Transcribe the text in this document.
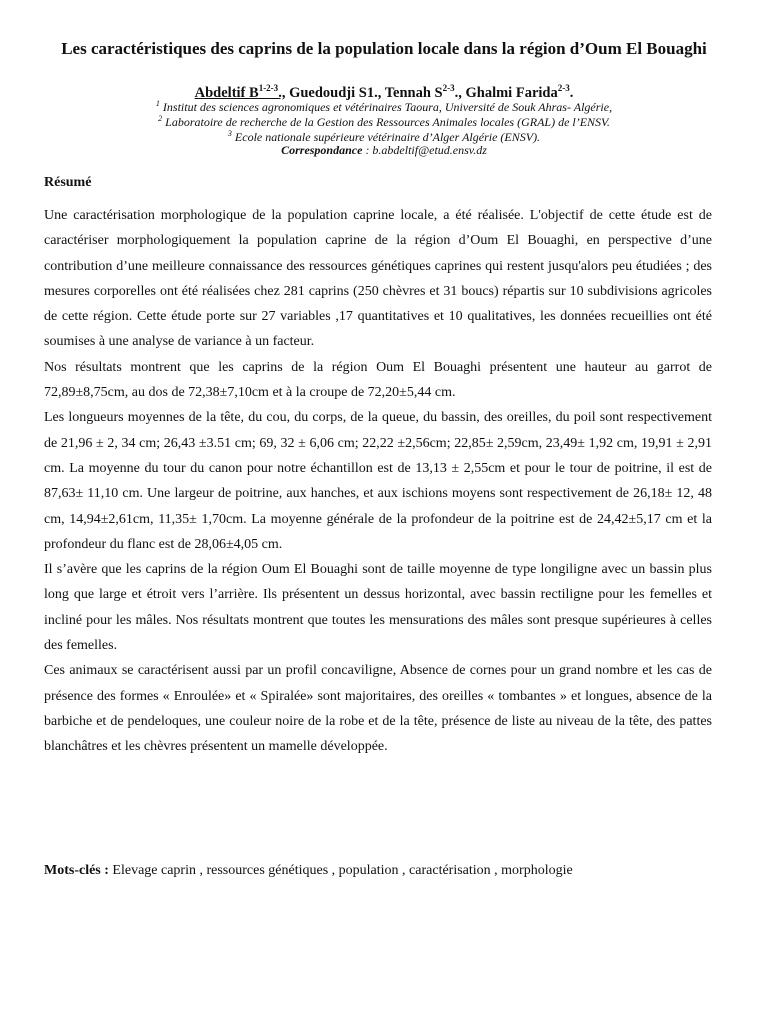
Les caractéristiques des caprins de la population locale dans la région d’Oum El Bouaghi
Abdeltif $B^{1-2-3}$., Guedoudji S1., Tennah $S^{2-3}$., Ghalmi Farida$^{2-3}$.
$^1$ Institut des sciences agronomiques et vétérinaires Taoura, Université de Souk Ahras- Algérie,
$^2$ Laboratoire de recherche de la Gestion des Ressources Animales locales (GRAL) de l’ENSV.
$^3$ Ecole nationale supérieure vétérinaire d’Alger Algérie (ENSV).
Correspondance : b.abdeltif@etud.ensv.dz
Résumé

Une caractérisation morphologique de la population caprine locale, a été réalisée. L'objectif de cette étude est de caractériser morphologiquement la population caprine de la région d’Oum El Bouaghi, en perspective d’une contribution d’une meilleure connaissance des ressources génétiques caprines qui restent jusqu'alors peu étudiées ; des mesures corporelles ont été réalisées chez 281 caprins (250 chèvres et 31 boucs) répartis sur 10 subdivisions agricoles de cette région. Cette étude porte sur 27 variables ,17 quantitatives et 10 qualitatives, les données recueillies ont été soumises à une analyse de variance à un facteur.

Nos résultats montrent que les caprins de la région Oum El Bouaghi présentent une hauteur au garrot de 72,89±8,75cm, au dos de 72,38±7,10cm et à la croupe de 72,20±5,44 cm.

Les longueurs moyennes de la tête, du cou, du corps, de la queue, du bassin, des oreilles, du poil sont respectivement de 21,96 ± 2, 34 cm; 26,43 ±3.51 cm; 69, 32 ± 6,06 cm; 22,22 ±2,56cm; 22,85± 2,59cm, 23,49± 1,92 cm, 19,91 ± 2,91 cm. La moyenne du tour du canon pour notre échantillon est de 13,13 ± 2,55cm et pour le tour de poitrine, il est de 87,63± 11,10 cm. Une largeur de poitrine, aux hanches, et aux ischions moyens sont respectivement de 26,18± 12, 48 cm, 14,94±2,61cm, 11,35± 1,70cm. La moyenne générale de la profondeur de la poitrine est de 24,42±5,17 cm et la profondeur du flanc est de 28,06±4,05 cm.

Il s’avère que les caprins de la région Oum El Bouaghi sont de taille moyenne de type longiligne avec un bassin plus long que large et étroit vers l’arrière. Ils présentent un dessus horizontal, avec bassin rectiligne pour les femelles et incliné pour les mâles. Nos résultats montrent que toutes les mensurations des mâles sont presque supérieures à celles des femelles.

Ces animaux se caractérisent aussi par un profil concaviligne, Absence de cornes pour un grand nombre et les cas de présence des formes « Enroulée» et « Spiralée» sont majoritaires, des oreilles « tombantes » et longues, absence de la barbiche et de pendeloques, une couleur noire de la robe et de la tête, présence de liste au niveau de la tête, des pattes blanchâtres et les chèvres présentent un mamelle développée.

Mots-clés : Elevage caprin , ressources génétiques , population , caractérisation , morphologie
